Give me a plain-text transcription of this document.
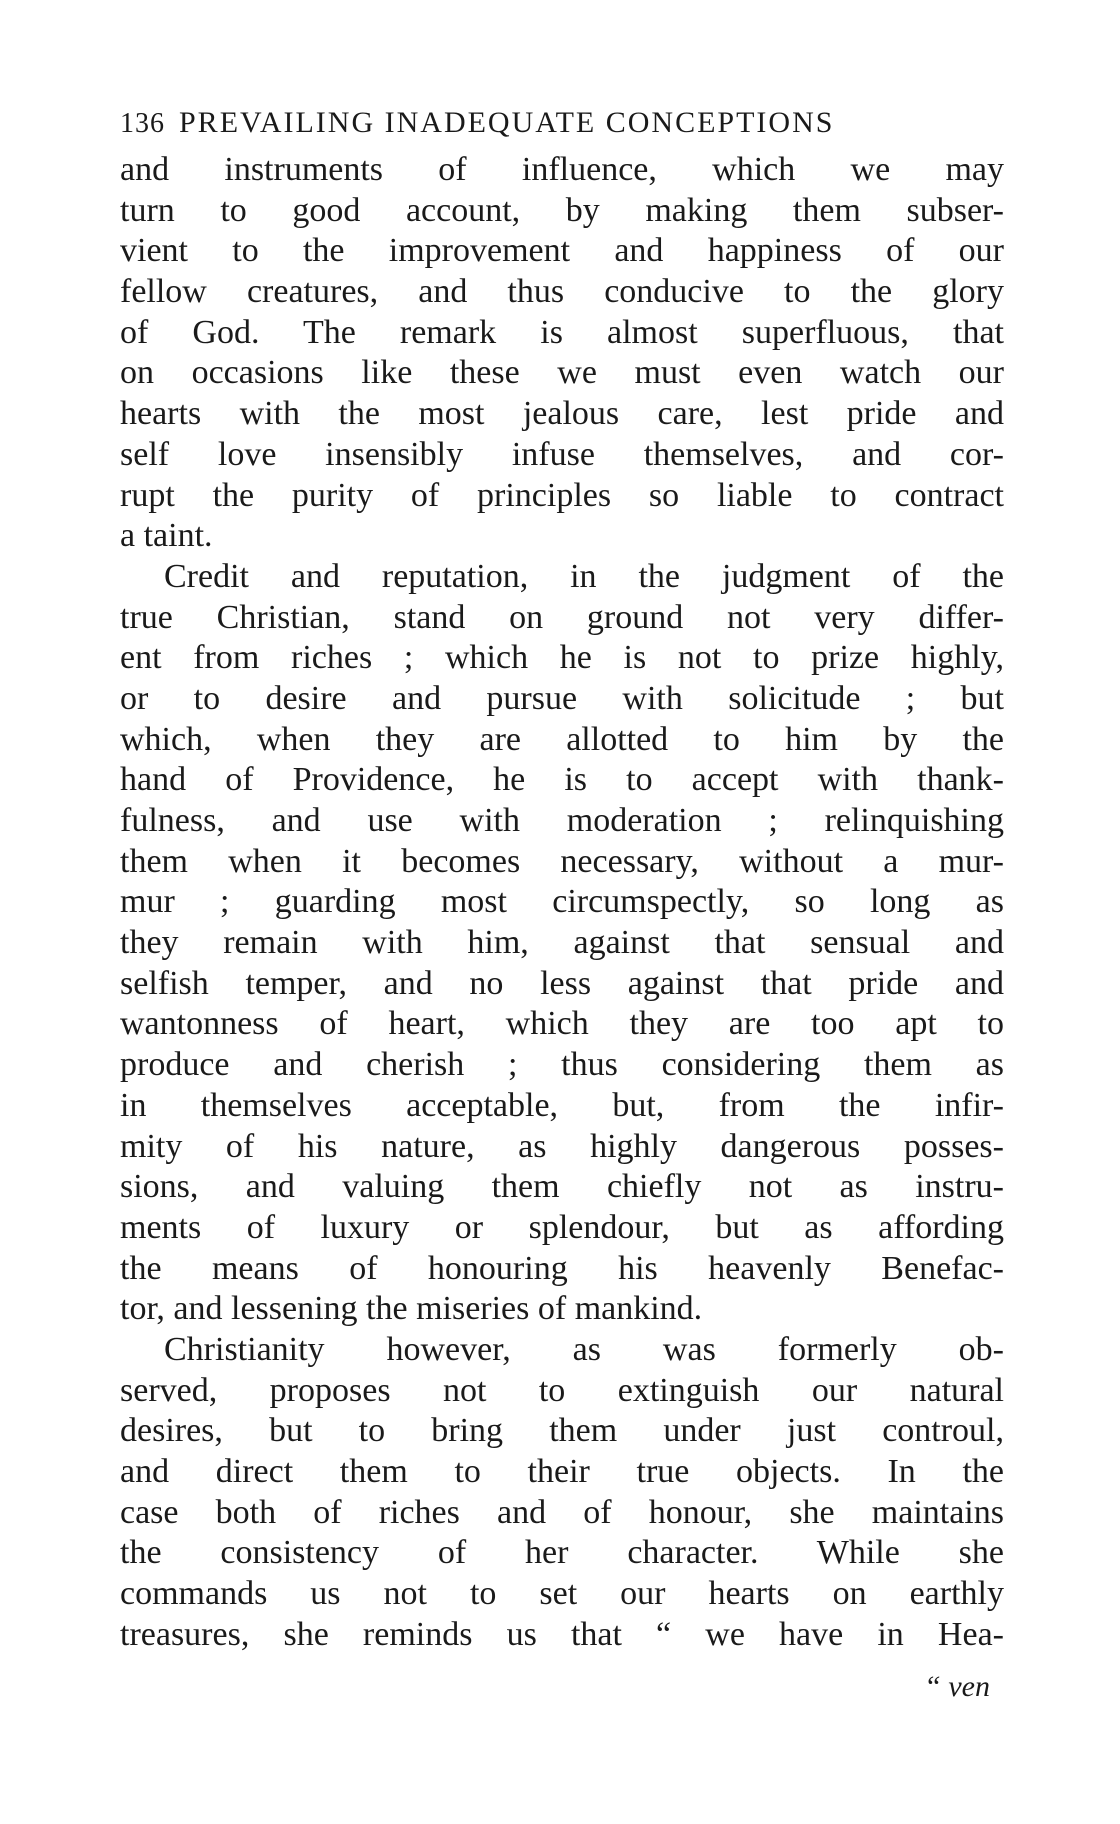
136 PREVAILING INADEQUATE CONCEPTIONS
and instruments of influence, which we may
turn to good account, by making them subser-
vient to the improvement and happiness of our
fellow creatures, and thus conducive to the glory
of God. The remark is almost superfluous, that
on occasions like these we must even watch our
hearts with the most jealous care, lest pride and
self love insensibly infuse themselves, and cor-
rupt the purity of principles so liable to contract
a taint.
Credit and reputation, in the judgment of the
true Christian, stand on ground not very differ-
ent from riches ; which he is not to prize highly,
or to desire and pursue with solicitude ; but
which, when they are allotted to him by the
hand of Providence, he is to accept with thank-
fulness, and use with moderation ; relinquishing
them when it becomes necessary, without a mur-
mur ; guarding most circumspectly, so long as
they remain with him, against that sensual and
selfish temper, and no less against that pride and
wantonness of heart, which they are too apt to
produce and cherish ; thus considering them as
in themselves acceptable, but, from the infir-
mity of his nature, as highly dangerous posses-
sions, and valuing them chiefly not as instru-
ments of luxury or splendour, but as affording
the means of honouring his heavenly Benefac-
tor, and lessening the miseries of mankind.
Christianity however, as was formerly ob-
served, proposes not to extinguish our natural
desires, but to bring them under just controul,
and direct them to their true objects. In the
case both of riches and of honour, she maintains
the consistency of her character. While she
commands us not to set our hearts on earthly
treasures, she reminds us that “ we have in Hea-
“ ven
